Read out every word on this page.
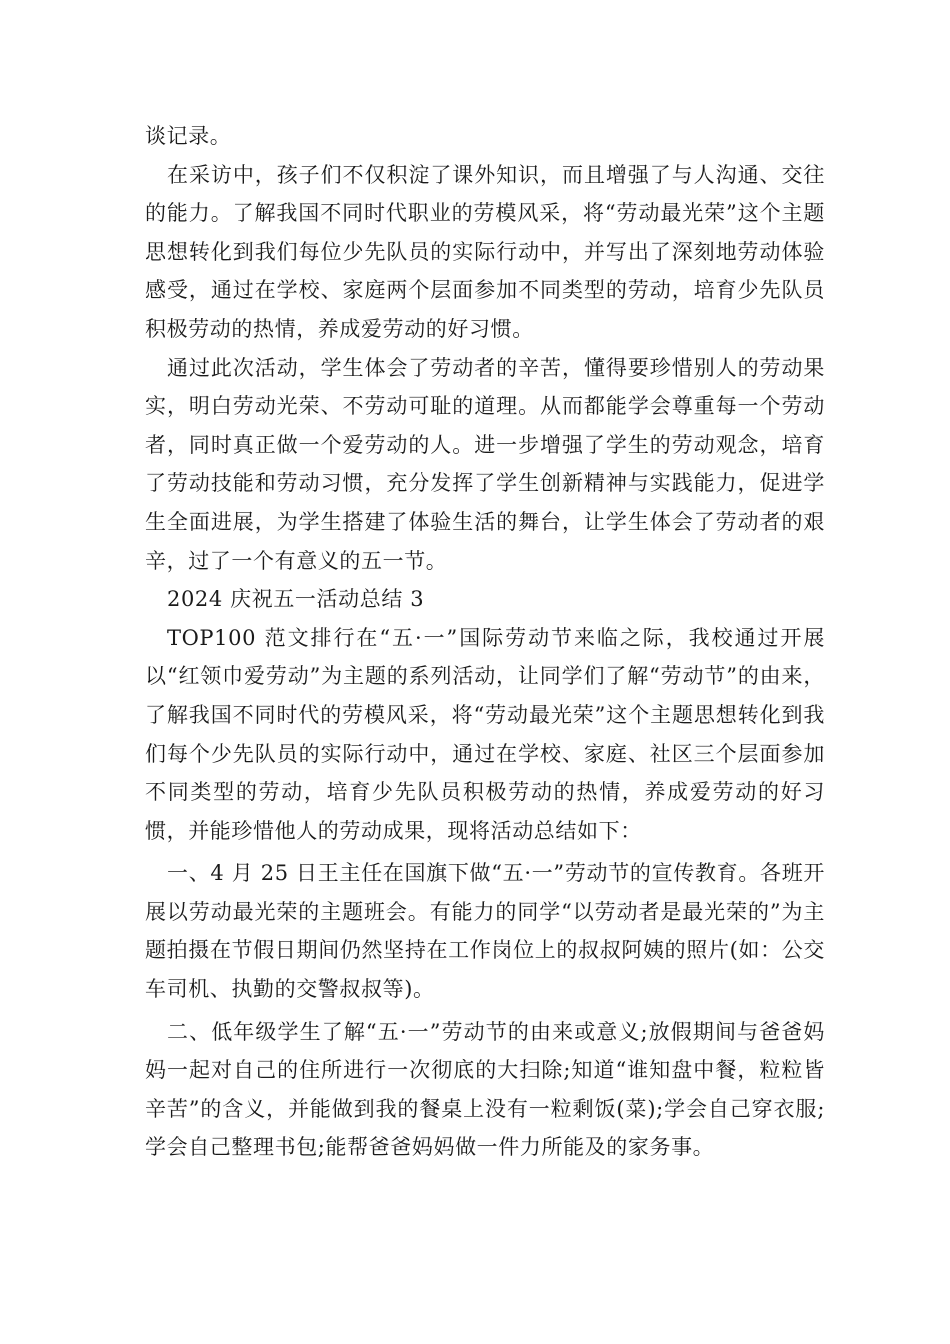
谈记录。

在采访中，孩子们不仅积淀了课外知识，而且增强了与人沟通、交往的能力。了解我国不同时代职业的劳模风采，将“劳动最光荣”这个主题思想转化到我们每位少先队员的实际行动中，并写出了深刻地劳动体验感受，通过在学校、家庭两个层面参加不同类型的劳动，培育少先队员积极劳动的热情，养成爱劳动的好习惯。

通过此次活动，学生体会了劳动者的辛苦，懂得要珍惜别人的劳动果实，明白劳动光荣、不劳动可耻的道理。从而都能学会尊重每一个劳动者，同时真正做一个爱劳动的人。进一步增强了学生的劳动观念，培育了劳动技能和劳动习惯，充分发挥了学生创新精神与实践能力，促进学生全面进展，为学生搭建了体验生活的舞台，让学生体会了劳动者的艰辛，过了一个有意义的五一节。

2024 庆祝五一活动总结 3

TOP100 范文排行在“五·一”国际劳动节来临之际，我校通过开展以“红领巾爱劳动”为主题的系列活动，让同学们了解“劳动节”的由来，了解我国不同时代的劳模风采，将“劳动最光荣”这个主题思想转化到我们每个少先队员的实际行动中，通过在学校、家庭、社区三个层面参加不同类型的劳动，培育少先队员积极劳动的热情，养成爱劳动的好习惯，并能珍惜他人的劳动成果，现将活动总结如下：

一、4 月 25 日王主任在国旗下做“五·一”劳动节的宣传教育。各班开展以劳动最光荣的主题班会。有能力的同学“以劳动者是最光荣的”为主题拍摄在节假日期间仍然坚持在工作岗位上的叔叔阿姨的照片(如：公交车司机、执勤的交警叔叔等)。

二、低年级学生了解“五·一”劳动节的由来或意义;放假期间与爸爸妈妈一起对自己的住所进行一次彻底的大扫除;知道“谁知盘中餐，粒粒皆辛苦”的含义，并能做到我的餐桌上没有一粒剩饭(菜);学会自己穿衣服;学会自己整理书包;能帮爸爸妈妈做一件力所能及的家务事。
